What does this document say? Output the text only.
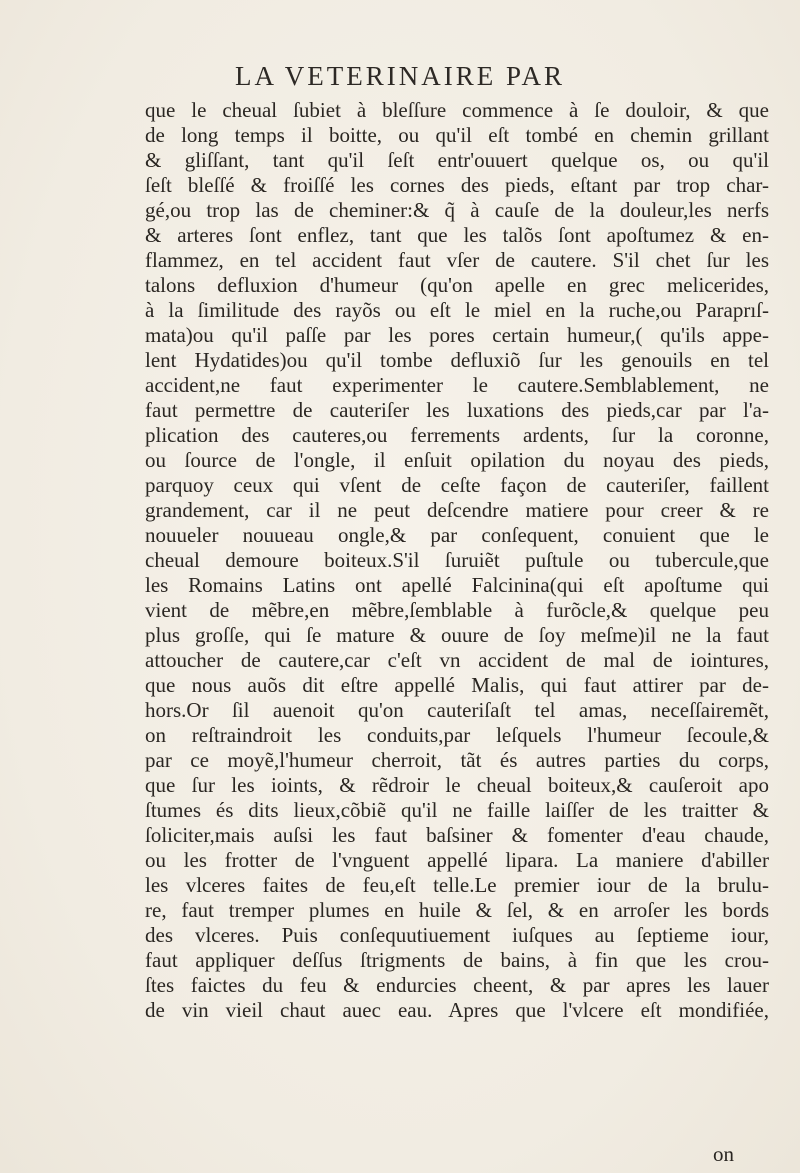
LA VETERINAIRE PAR
que le cheual ſubiet à bleſſure commence à ſe douloir, & que
de long temps il boitte, ou qu'il eſt tombé en chemin grillant
& gliſſant, tant qu'il ſeſt entr'ouuert quelque os, ou qu'il
ſeſt bleſſé & froiſſé les cornes des pieds, eſtant par trop char-
gé,ou trop las de cheminer:& q̃ à cauſe de la douleur,les nerfs
& arteres ſont enflez, tant que les talõs ſont apoſtumez & en-
flammez, en tel accident faut vſer de cautere. S'il chet ſur les
talons defluxion d'humeur (qu'on apelle en grec melicerides,
à la ſimilitude des rayõs ou eſt le miel en la ruche,ou Paraprıſ-
mata)ou qu'il paſſe par les pores certain humeur,( qu'ils appe-
lent Hydatides)ou qu'il tombe defluxiõ ſur les genouils en tel
accident,ne faut experimenter le cautere.Semblablement, ne
faut permettre de cauteriſer les luxations des pieds,car par l'a-
plication des cauteres,ou ferrements ardents, ſur la coronne,
ou ſource de l'ongle, il enſuit opilation du noyau des pieds,
parquoy ceux qui vſent de ceſte façon de cauteriſer, faillent
grandement, car il ne peut deſcendre matiere pour creer & re
nouueler nouueau ongle,& par conſequent, conuient que le
cheual demoure boiteux.S'il ſuruiẽt puſtule ou tubercule,que
les Romains Latins ont apellé Falcinina(qui eſt apoſtume qui
vient de mẽbre,en mẽbre,ſemblable à furõcle,& quelque peu
plus groſſe, qui ſe mature & ouure de ſoy meſme)il ne la faut
attoucher de cautere,car c'eſt vn accident de mal de iointures,
que nous auõs dit eſtre appellé Malis, qui faut attirer par de-
hors.Or ſil auenoit qu'on cauteriſaſt tel amas, neceſſairemẽt,
on reſtraindroit les conduits,par leſquels l'humeur ſecoule,&
par ce moyẽ,l'humeur cherroit, tãt és autres parties du corps,
que ſur les ioints, & rẽdroir le cheual boiteux,& cauſeroit apo
ſtumes és dits lieux,cõbiẽ qu'il ne faille laiſſer de les traitter &
ſoliciter,mais auſsi les faut baſsiner & fomenter d'eau chaude,
ou les frotter de l'vnguent appellé lipara. La maniere d'abiller
les vlceres faites de feu,eſt telle.Le premier iour de la brulu-
re, faut tremper plumes en huile & ſel, & en arroſer les bords
des vlceres. Puis conſequutiuement iuſques au ſeptieme iour,
faut appliquer deſſus ſtrigments de bains, à fin que les crou-
ſtes faictes du feu & endurcies cheent, & par apres les lauer
de vin vieil chaut auec eau. Apres que l'vlcere eſt mondifiée,
on
